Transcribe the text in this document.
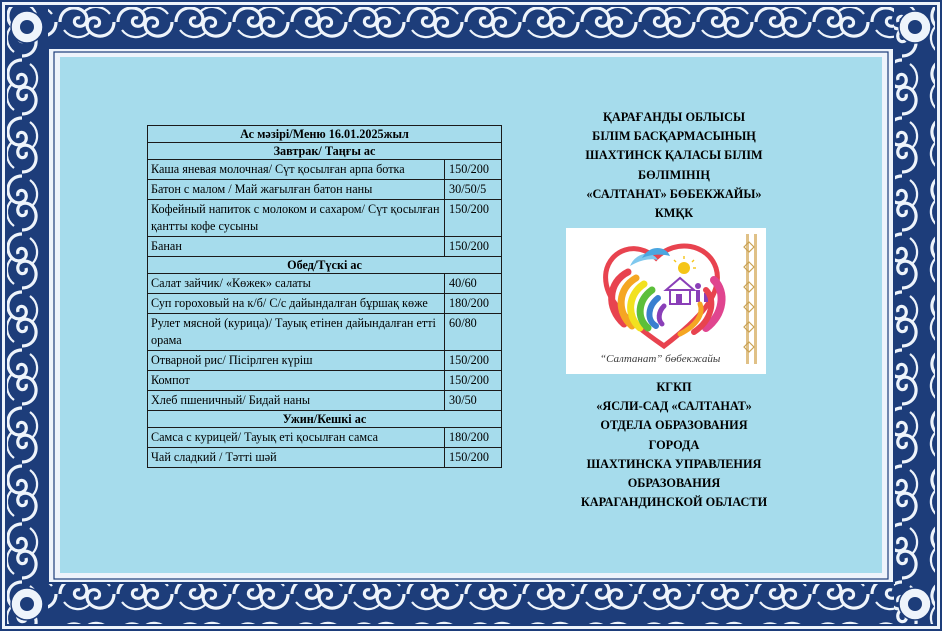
Ас мәзірі/Меню 16.01.2025жыл	
Завтрак/ Таңғы ас	
Каша яневая молочная/ Сүт қосылған арпа ботка	150/200
Батон с малом / Май жағылған батон наны	30/50/5
Кофейный напиток с молоком и сахаром/ Сүт қосылған қантты кофе сусыны	150/200
Банан	150/200
Обед/Түскі ас	
Салат зайчик/ «Көжек» салаты	40/60
Суп гороховый на к/б/ С/с дайындалған бұршақ көже	180/200
Рулет мясной (курица)/ Тауық етінен дайындалған етті орама	60/80
Отварной рис/ Пісірлген күріш	150/200
Компот	150/200
Хлеб пшеничный/ Бидай наны	30/50
Ужин/Кешкі ас	
Самса с курицей/ Тауық еті қосылған самса	180/200
Чай сладкий / Тәтті шәй	150/200
ҚАРАҒАНДЫ ОБЛЫСЫ
БІЛІМ БАСҚАРМАСЫНЫҢ
ШАХТИНСК ҚАЛАСЫ БІЛІМ
БӨЛІМІНІҢ
«САЛТАНАТ» БӨБЕКЖАЙЫ»
КМҚК
“Салтанат” бөбекжайы
КГКП
«ЯСЛИ-САД «САЛТАНАТ»
ОТДЕЛА ОБРАЗОВАНИЯ
ГОРОДА
ШАХТИНСКА УПРАВЛЕНИЯ
ОБРАЗОВАНИЯ
КАРАГАНДИНСКОЙ ОБЛАСТИ
